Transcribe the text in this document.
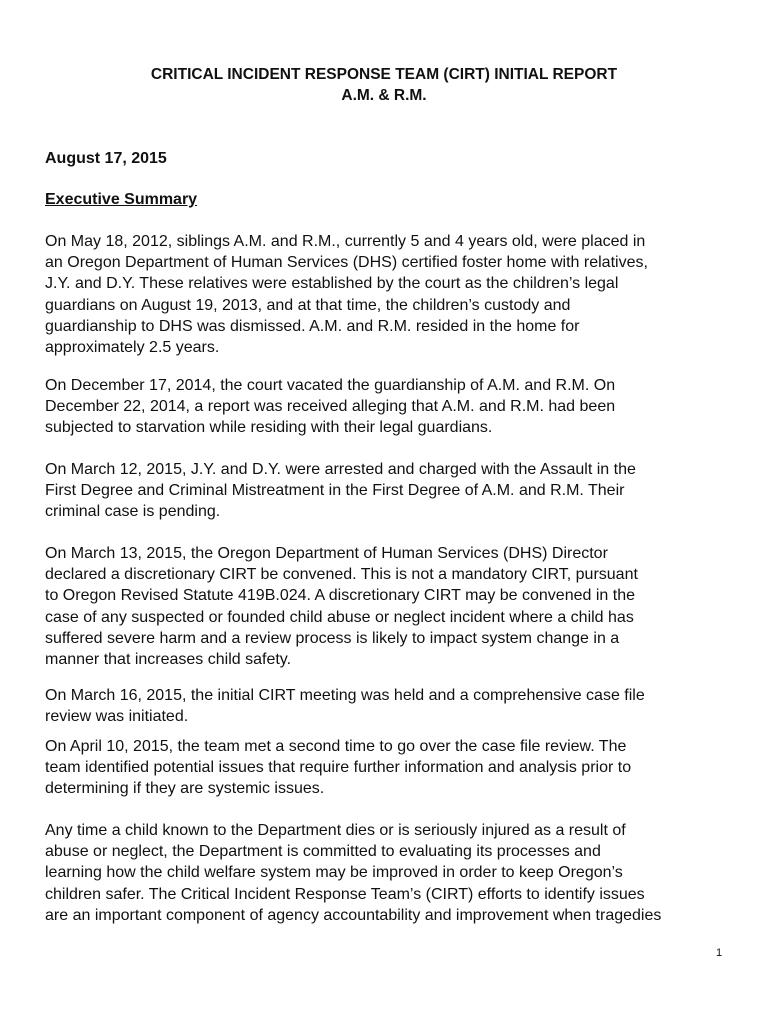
CRITICAL INCIDENT RESPONSE TEAM (CIRT) INITIAL REPORT
A.M. & R.M.
August 17, 2015
Executive Summary

On May 18, 2012, siblings A.M. and R.M., currently 5 and 4 years old, were placed in
an Oregon Department of Human Services (DHS) certified foster home with relatives,
J.Y. and D.Y. These relatives were established by the court as the children’s legal
guardians on August 19, 2013, and at that time, the children’s custody and
guardianship to DHS was dismissed. A.M. and R.M. resided in the home for
approximately 2.5 years.

On December 17, 2014, the court vacated the guardianship of A.M. and R.M. On
December 22, 2014, a report was received alleging that A.M. and R.M. had been
subjected to starvation while residing with their legal guardians.

On March 12, 2015, J.Y. and D.Y. were arrested and charged with the Assault in the
First Degree and Criminal Mistreatment in the First Degree of A.M. and R.M. Their
criminal case is pending.

On March 13, 2015, the Oregon Department of Human Services (DHS) Director
declared a discretionary CIRT be convened. This is not a mandatory CIRT, pursuant
to Oregon Revised Statute 419B.024. A discretionary CIRT may be convened in the
case of any suspected or founded child abuse or neglect incident where a child has
suffered severe harm and a review process is likely to impact system change in a
manner that increases child safety.

On March 16, 2015, the initial CIRT meeting was held and a comprehensive case file
review was initiated.

On April 10, 2015, the team met a second time to go over the case file review. The
team identified potential issues that require further information and analysis prior to
determining if they are systemic issues.

Any time a child known to the Department dies or is seriously injured as a result of
abuse or neglect, the Department is committed to evaluating its processes and
learning how the child welfare system may be improved in order to keep Oregon’s
children safer. The Critical Incident Response Team’s (CIRT) efforts to identify issues
are an important component of agency accountability and improvement when tragedies

1
